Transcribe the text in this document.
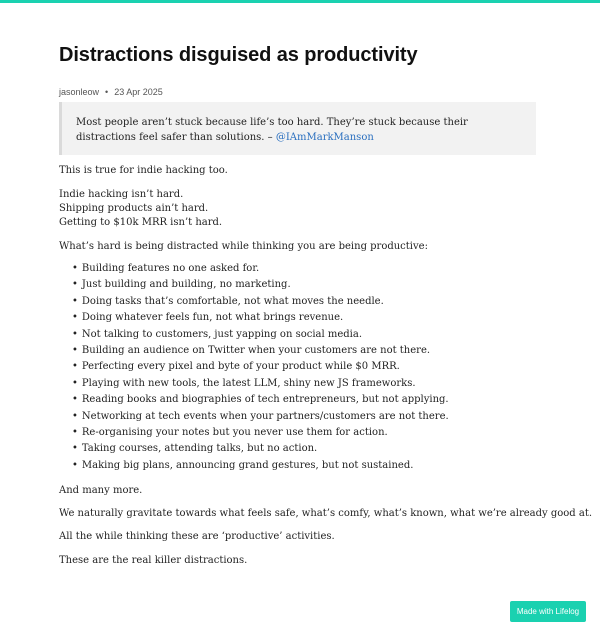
Distractions disguised as productivity
jasonleow • 23 Apr 2025
Most people aren’t stuck because life’s too hard. They’re stuck because their distractions feel safer than solutions. – @IAmMarkManson

This is true for indie hacking too.

Indie hacking isn’t hard.
Shipping products ain’t hard.
Getting to $10k MRR isn’t hard.

What’s hard is being distracted while thinking you are being productive:

• Building features no one asked for.
• Just building and building, no marketing.
• Doing tasks that’s comfortable, not what moves the needle.
• Doing whatever feels fun, not what brings revenue.
• Not talking to customers, just yapping on social media.
• Building an audience on Twitter when your customers are not there.
• Perfecting every pixel and byte of your product while $0 MRR.
• Playing with new tools, the latest LLM, shiny new JS frameworks.
• Reading books and biographies of tech entrepreneurs, but not applying.
• Networking at tech events when your partners/customers are not there.
• Re-organising your notes but you never use them for action.
• Taking courses, attending talks, but no action.
• Making big plans, announcing grand gestures, but not sustained.

And many more.

We naturally gravitate towards what feels safe, what’s comfy, what’s known, what we’re already good at.

All the while thinking these are ‘productive’ activities.

These are the real killer distractions.

Made with Lifelog
